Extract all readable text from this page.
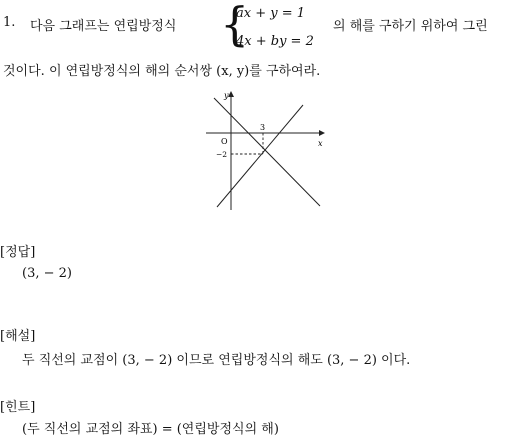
1. 다음 그래프는 연립방정식 {
ax + y = 1
4x + by = 2
의 해를 구하기 위하여 그린
것이다. 이 연립방정식의 해의 순서쌍 (x, y)를 구하여라.
y
x
O
3
−2
[정답]
(3, − 2)
[해설]
두 직선의 교점이 (3, − 2) 이므로 연립방정식의 해도 (3, − 2) 이다.
[힌트]
(두 직선의 교점의 좌표) = (연립방정식의 해)
